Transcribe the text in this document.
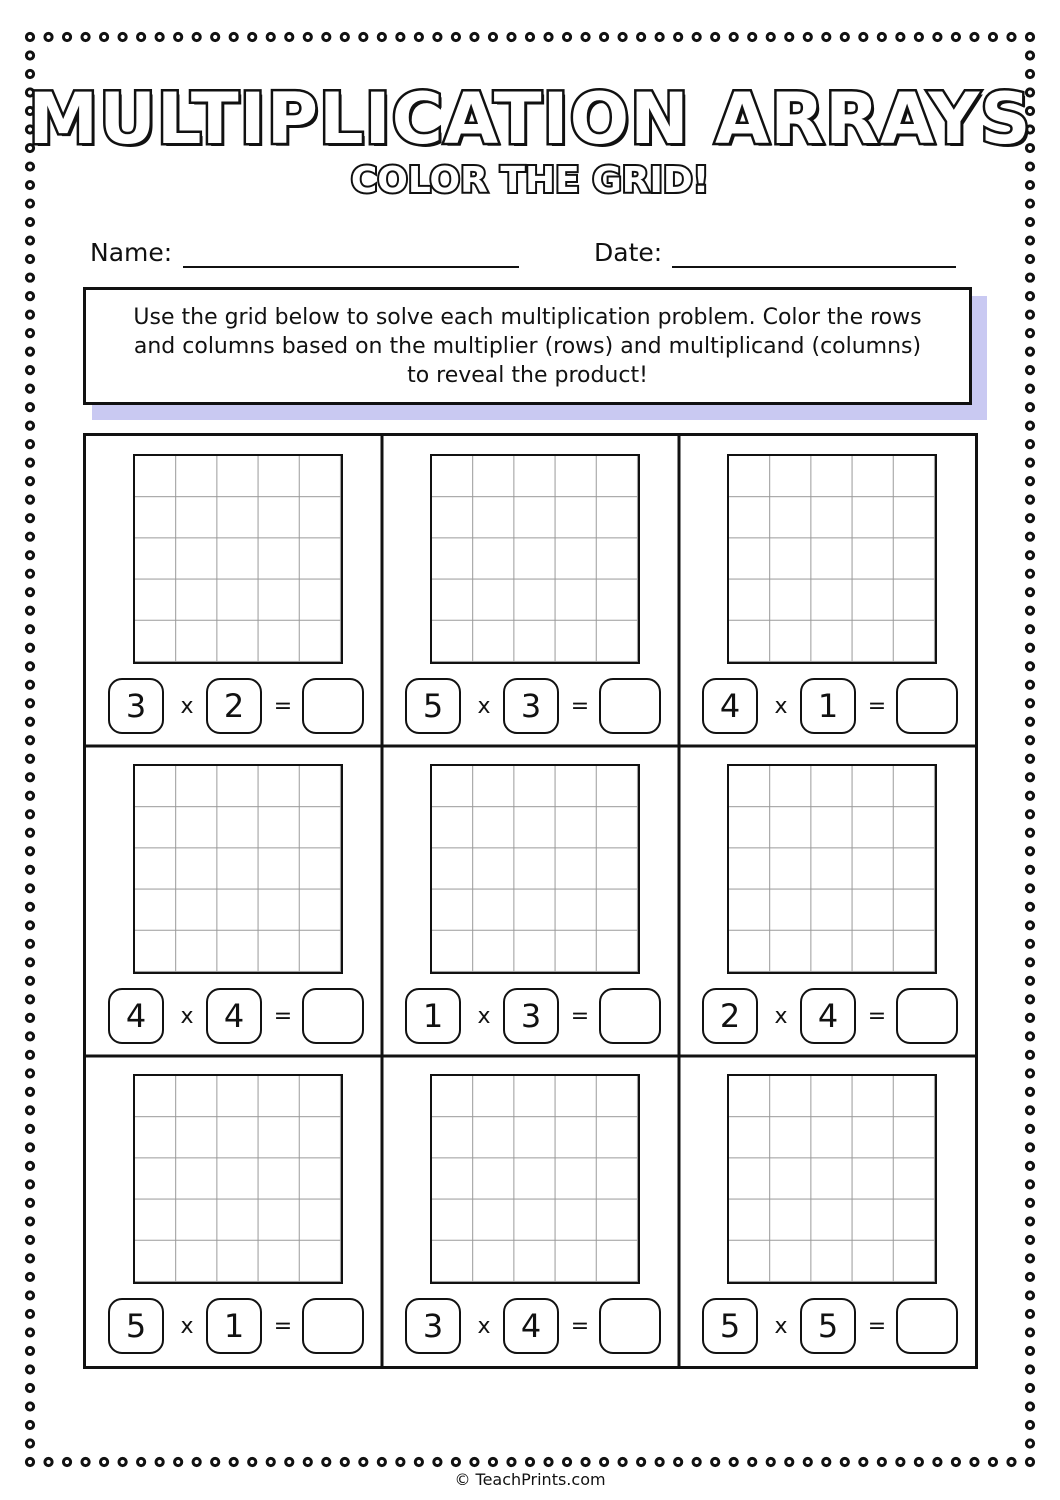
MULTIPLICATION ARRAYS
COLOR THE GRID!
Name:	Date:
Use the grid below to solve each multiplication problem. Color the rows and columns based on the multiplier (rows) and multiplicand (columns) to reveal the product!
3	x 2	=	5	x 3	=	4	x 1	=
4	x 4	=	1	x 3	=	2	x 4	=
5	x 1	=	3	x 4	=	5	x 5	=
© TeachPrints.com
